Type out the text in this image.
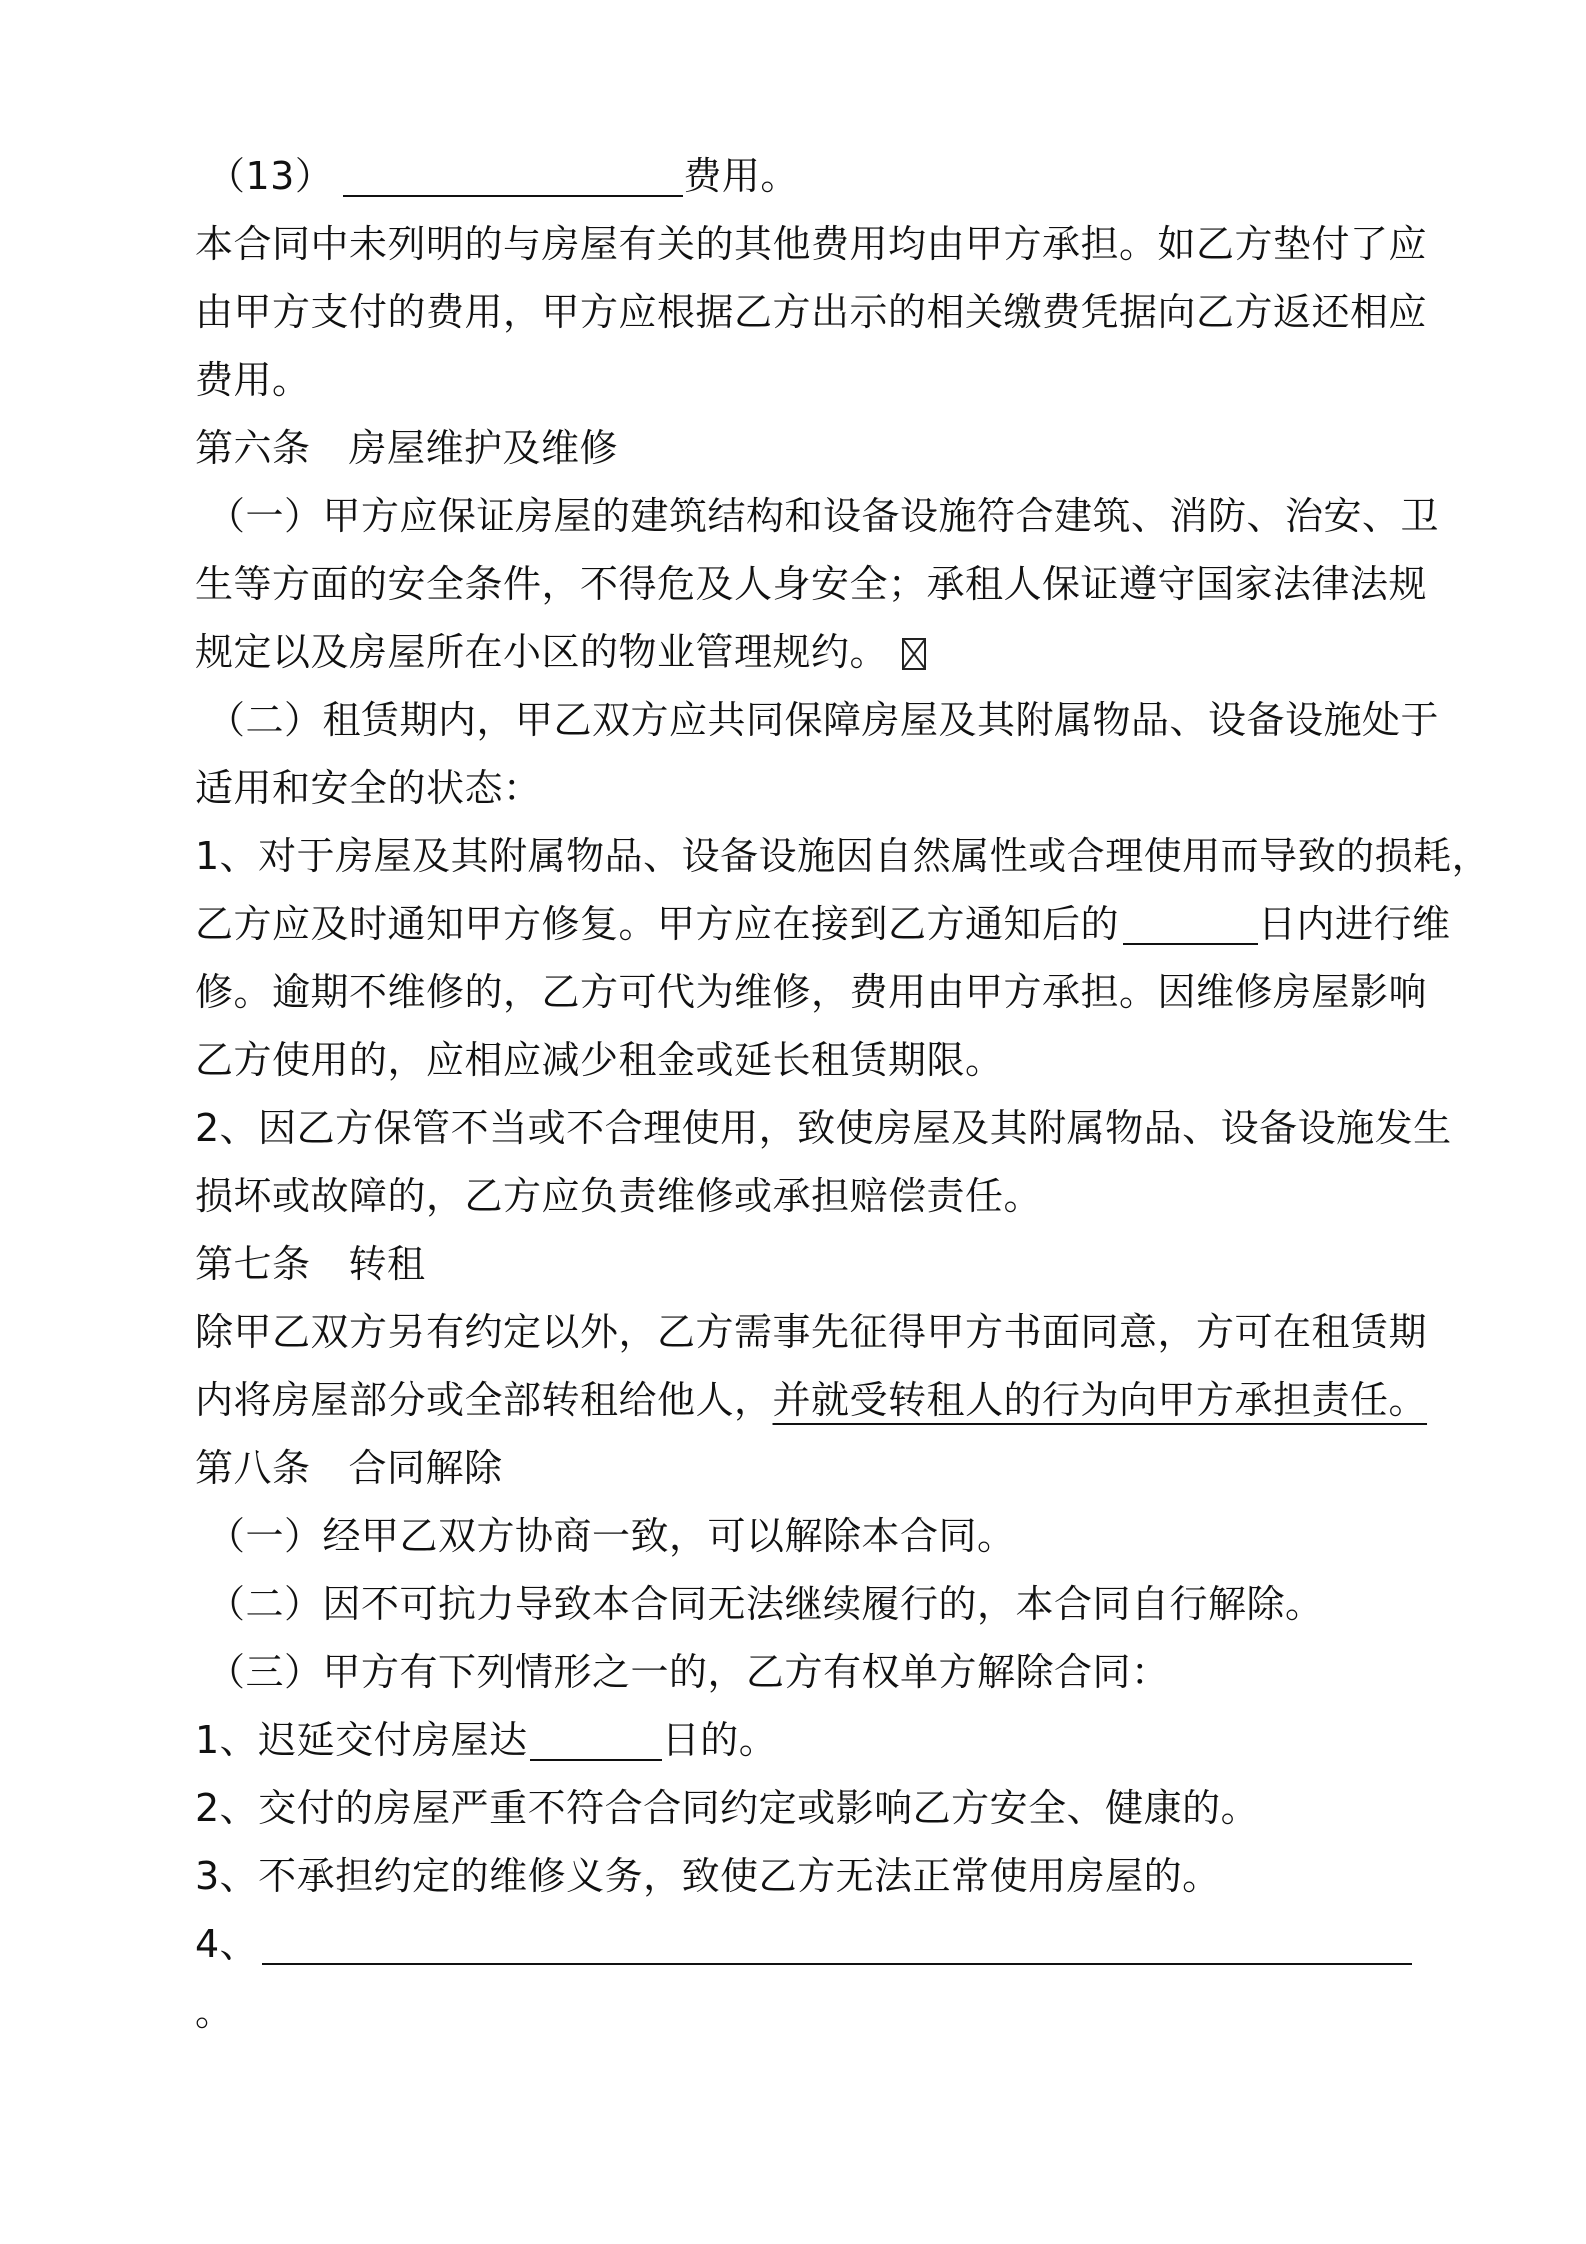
（13）	费用。
本合同中未列明的与房屋有关的其他费用均由甲方承担。如乙方垫付了应
由甲方支付的费用，甲方应根据乙方出示的相关缴费凭据向乙方返还相应
费用。
第六条 房屋维护及维修
（一）甲方应保证房屋的建筑结构和设备设施符合建筑、消防、治安、卫
生等方面的安全条件，不得危及人身安全；承租人保证遵守国家法律法规
规定以及房屋所在小区的物业管理规约。
（二）租赁期内，甲乙双方应共同保障房屋及其附属物品、设备设施处于
适用和安全的状态：
1、对于房屋及其附属物品、设备设施因自然属性或合理使用而导致的损耗，
乙方应及时通知甲方修复。甲方应在接到乙方通知后的	日内进行维
修。逾期不维修的，乙方可代为维修，费用由甲方承担。因维修房屋影响
乙方使用的，应相应减少租金或延长租赁期限。
2、因乙方保管不当或不合理使用，致使房屋及其附属物品、设备设施发生
损坏或故障的，乙方应负责维修或承担赔偿责任。
第七条 转租
除甲乙双方另有约定以外，乙方需事先征得甲方书面同意，方可在租赁期
内将房屋部分或全部转租给他人，并就受转租人的行为向甲方承担责任。
第八条 合同解除
（一）经甲乙双方协商一致，可以解除本合同。
（二）因不可抗力导致本合同无法继续履行的，本合同自行解除。
（三）甲方有下列情形之一的，乙方有权单方解除合同：
1、迟延交付房屋达	日的。
2、交付的房屋严重不符合合同约定或影响乙方安全、健康的。
3、不承担约定的维修义务，致使乙方无法正常使用房屋的。
4、
。
